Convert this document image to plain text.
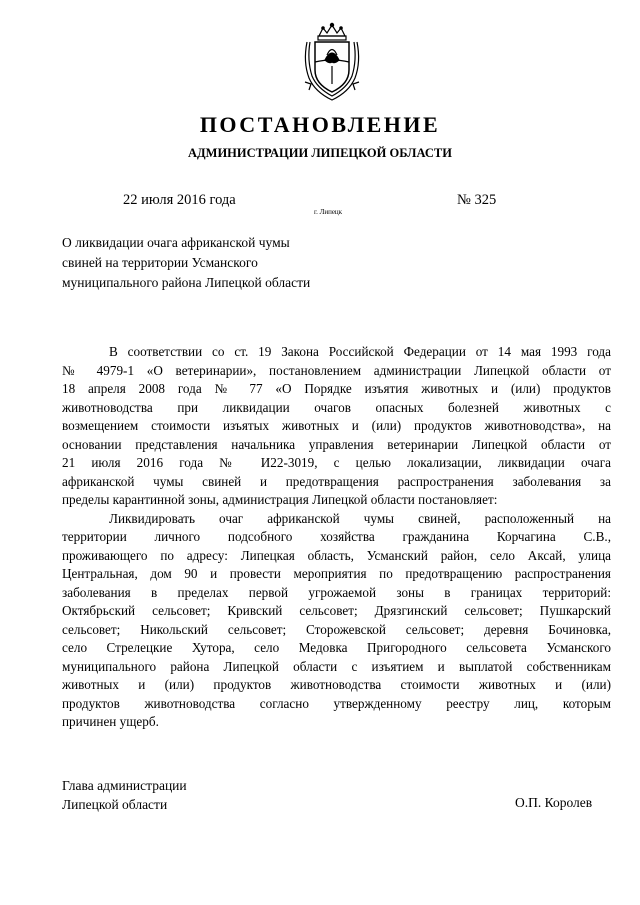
ПОСТАНОВЛЕНИЕ
АДМИНИСТРАЦИИ ЛИПЕЦКОЙ ОБЛАСТИ
22 июля 2016 года
г. Липецк
№ 325
О ликвидации очага африканской чумы
свиней на территории Усманского
муниципального района Липецкой области
В соответствии со ст. 19 Закона Российской Федерации от 14 мая 1993 года
№ 4979-1 «О ветеринарии», постановлением администрации Липецкой области от
18 апреля 2008 года № 77 «О Порядке изъятия животных и (или) продуктов
животноводства при ликвидации очагов опасных болезней животных с
возмещением стоимости изъятых животных и (или) продуктов животноводства», на
основании представления начальника управления ветеринарии Липецкой области от
21 июля 2016 года № И22-3019, с целью локализации, ликвидации очага
африканской чумы свиней и предотвращения распространения заболевания за
пределы карантинной зоны, администрация Липецкой области постановляет:
Ликвидировать очаг африканской чумы свиней, расположенный на
территории личного подсобного хозяйства гражданина Корчагина С.В.,
проживающего по адресу: Липецкая область, Усманский район, село Аксай, улица
Центральная, дом 90 и провести мероприятия по предотвращению распространения
заболевания в пределах первой угрожаемой зоны в границах территорий:
Октябрьский сельсовет; Кривский сельсовет; Дрязгинский сельсовет; Пушкарский
сельсовет; Никольский сельсовет; Сторожевской сельсовет; деревня Бочиновка,
село Стрелецкие Хутора, село Медовка Пригородного сельсовета Усманского
муниципального района Липецкой области с изъятием и выплатой собственникам
животных и (или) продуктов животноводства стоимости животных и (или)
продуктов животноводства согласно утвержденному реестру лиц, которым
причинен ущерб.
Глава администрации
Липецкой области	О.П. Королев
